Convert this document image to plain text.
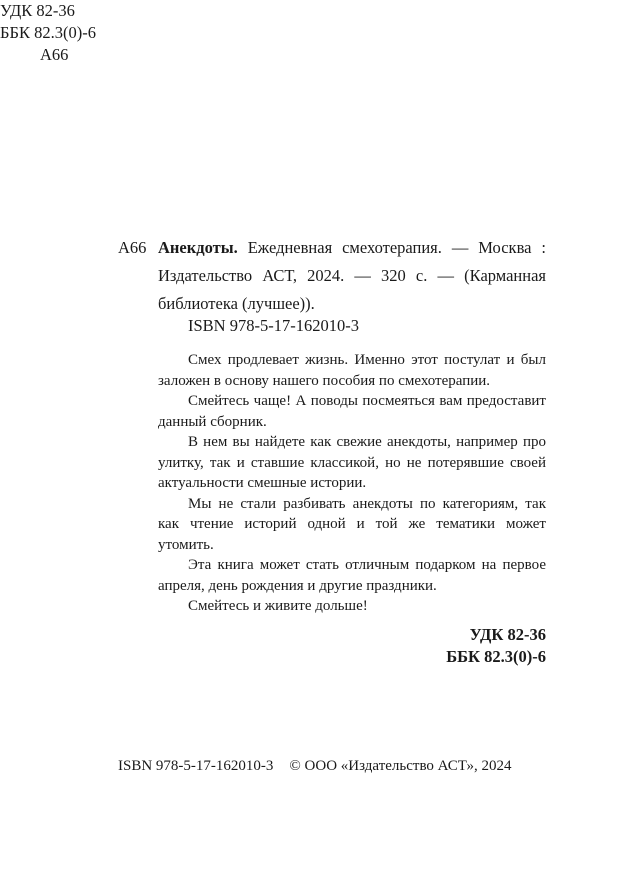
УДК 82-36
ББК 82.3(0)-6
А66
А66 Анекдоты. Ежедневная смехотерапия. — Москва : Издательство АСТ, 2024. — 320 с. — (Карманная библиотека (лучшее)).
ISBN 978-5-17-162010-3

Смех продлевает жизнь. Именно этот постулат и был заложен в основу нашего пособия по смехотерапии.

Смейтесь чаще! А поводы посмеяться вам предоставит данный сборник.

В нем вы найдете как свежие анекдоты, например про улитку, так и ставшие классикой, но не потерявшие своей актуальности смешные истории.

Мы не стали разбивать анекдоты по категориям, так как чтение историй одной и той же тематики может утомить.

Эта книга может стать отличным подарком на первое апреля, день рождения и другие праздники.

Смейтесь и живите дольше!

УДК 82-36
ББК 82.3(0)-6
ISBN 978-5-17-162010-3 © ООО «Издательство АСТ», 2024
